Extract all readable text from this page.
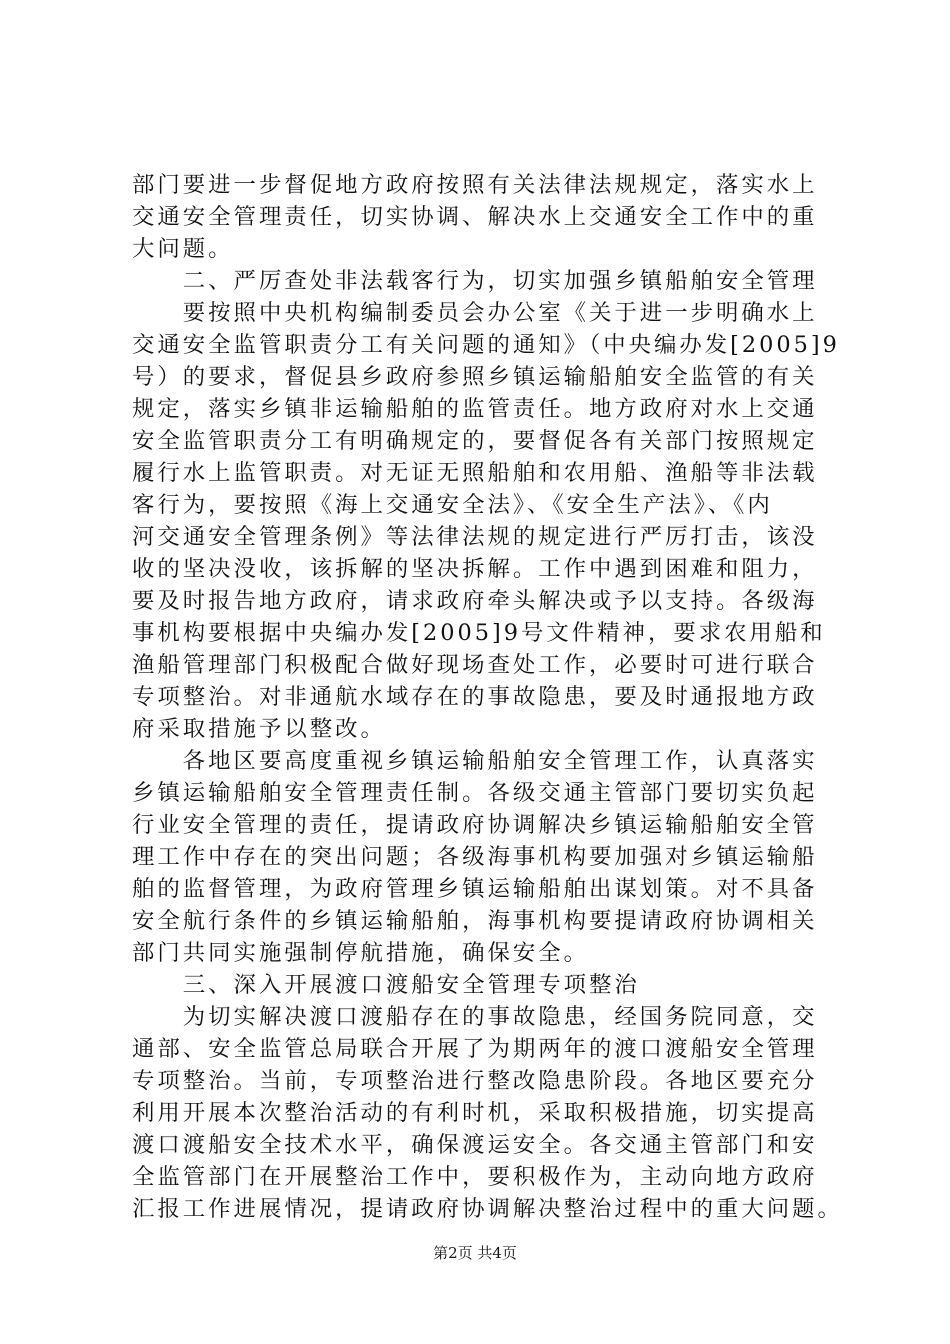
部门要进一步督促地方政府按照有关法律法规规定，落实水上
交通安全管理责任，切实协调、解决水上交通安全工作中的重
大问题。
　　二、严厉查处非法载客行为，切实加强乡镇船舶安全管理
　　要按照中央机构编制委员会办公室《关于进一步明确水上
交通安全监管职责分工有关问题的通知》（中央编办发[2005]9
号）的要求，督促县乡政府参照乡镇运输船舶安全监管的有关
规定，落实乡镇非运输船舶的监管责任。地方政府对水上交通
安全监管职责分工有明确规定的，要督促各有关部门按照规定
履行水上监管职责。对无证无照船舶和农用船、渔船等非法载
客行为，要按照《海上交通安全法》、《安全生产法》、《内
河交通安全管理条例》等法律法规的规定进行严厉打击，该没
收的坚决没收，该拆解的坚决拆解。工作中遇到困难和阻力，
要及时报告地方政府，请求政府牵头解决或予以支持。各级海
事机构要根据中央编办发[2005]9号文件精神，要求农用船和
渔船管理部门积极配合做好现场查处工作，必要时可进行联合
专项整治。对非通航水域存在的事故隐患，要及时通报地方政
府采取措施予以整改。
　　各地区要高度重视乡镇运输船舶安全管理工作，认真落实
乡镇运输船舶安全管理责任制。各级交通主管部门要切实负起
行业安全管理的责任，提请政府协调解决乡镇运输船舶安全管
理工作中存在的突出问题；各级海事机构要加强对乡镇运输船
舶的监督管理，为政府管理乡镇运输船舶出谋划策。对不具备
安全航行条件的乡镇运输船舶，海事机构要提请政府协调相关
部门共同实施强制停航措施，确保安全。
　　三、深入开展渡口渡船安全管理专项整治
　　为切实解决渡口渡船存在的事故隐患，经国务院同意，交
通部、安全监管总局联合开展了为期两年的渡口渡船安全管理
专项整治。当前，专项整治进行整改隐患阶段。各地区要充分
利用开展本次整治活动的有利时机，采取积极措施，切实提高
渡口渡船安全技术水平，确保渡运安全。各交通主管部门和安
全监管部门在开展整治工作中，要积极作为，主动向地方政府
汇报工作进展情况，提请政府协调解决整治过程中的重大问题。
第2页 共4页
